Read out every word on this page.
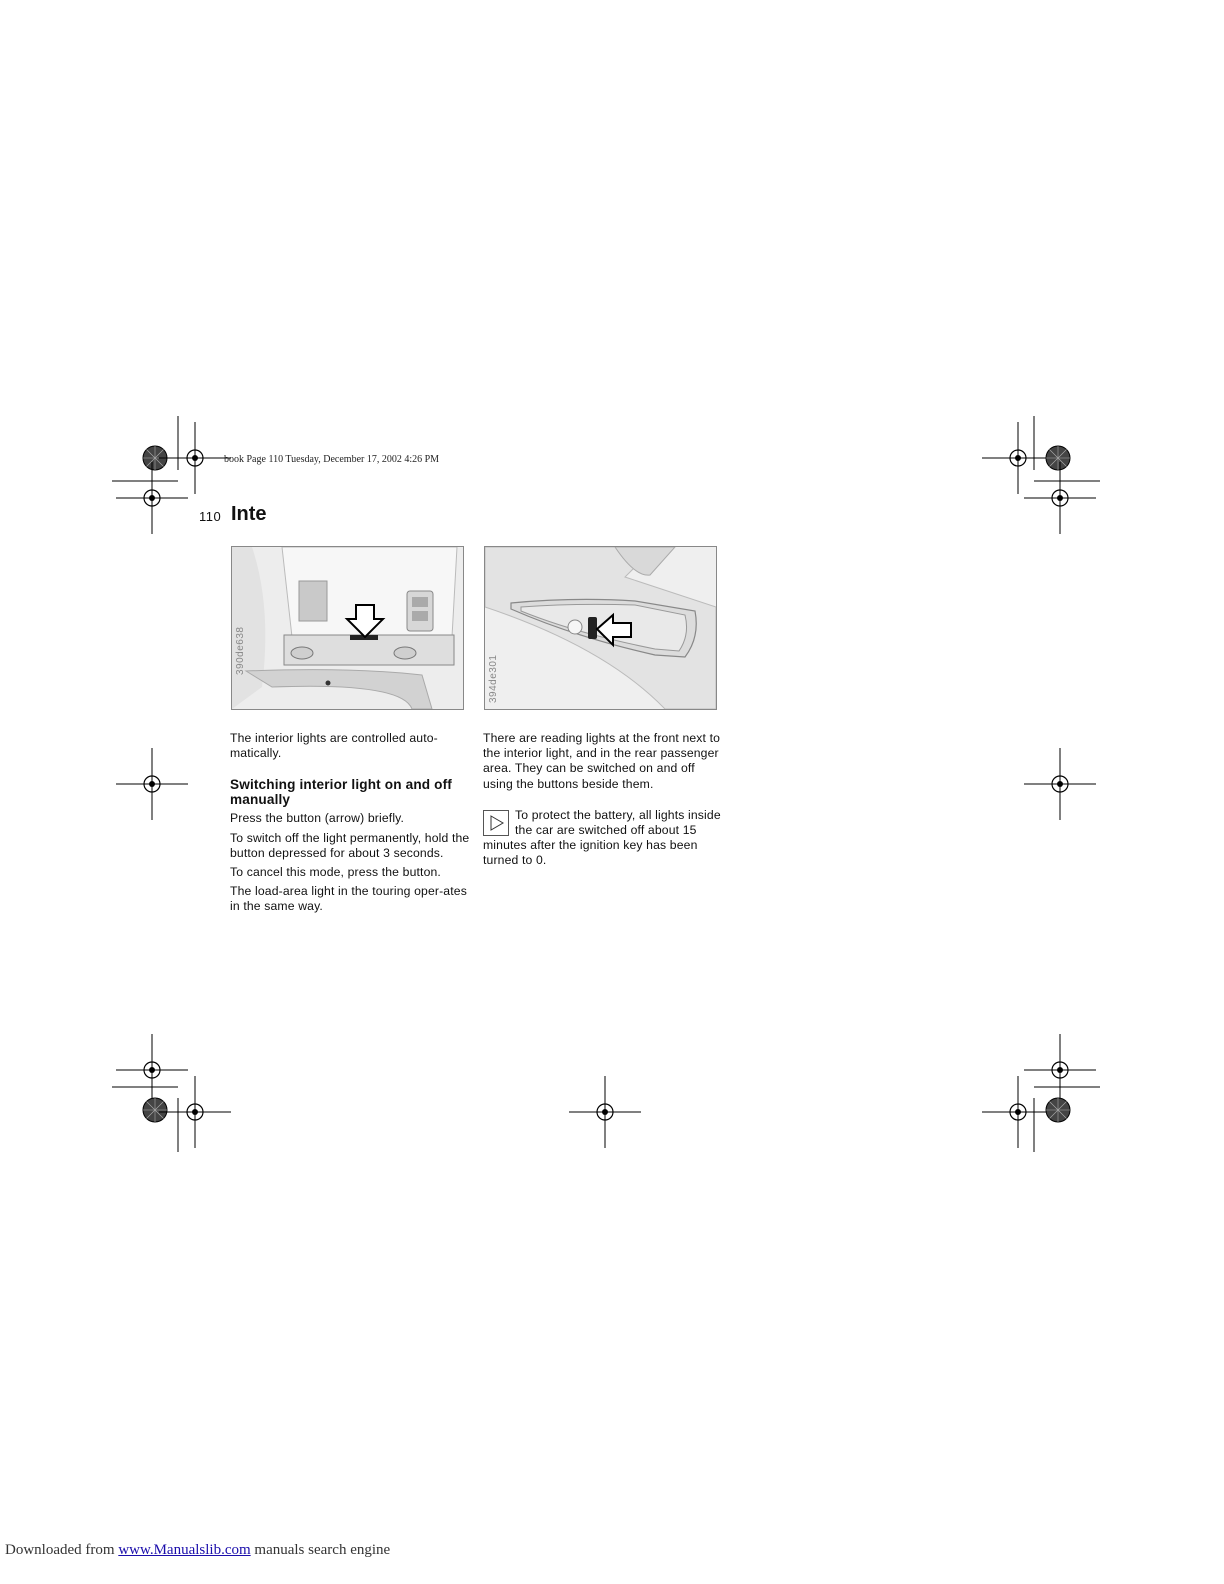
book Page 110 Tuesday, December 17, 2002 4:26 PM
110 Inte
390de638
394de301

The interior lights are controlled auto-matically.

Switching interior light on and off manually

Press the button (arrow) briefly.

To switch off the light permanently, hold the button depressed for about 3 seconds.

To cancel this mode, press the button.

The load-area light in the touring oper-ates in the same way.

There are reading lights at the front next to the interior light, and in the rear passenger area. They can be switched on and off using the buttons beside them.

To protect the battery, all lights inside the car are switched off about 15 minutes after the ignition key has been turned to 0.
Downloaded from www.Manualslib.com manuals search engine
